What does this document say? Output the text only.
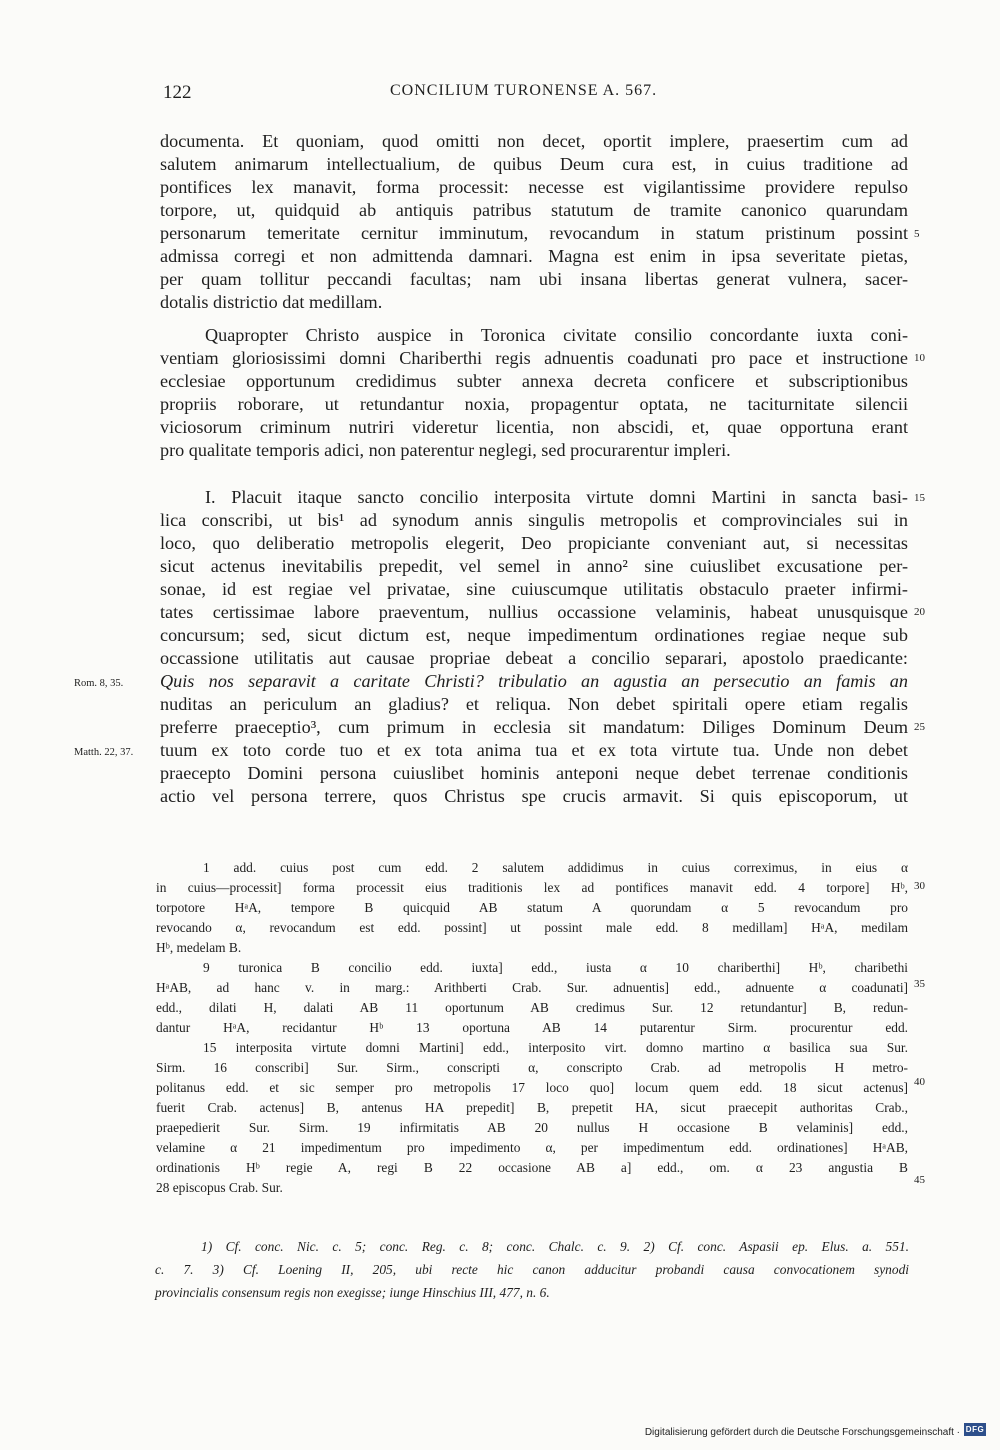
122	CONCILIUM TURONENSE A. 567.
documenta. Et quoniam, quod omitti non decet, oportit implere, praesertim cum ad
salutem animarum intellectualium, de quibus Deum cura est, in cuius traditione ad
pontifices lex manavit, forma processit: necesse est vigilantissime providere repulso
torpore, ut, quidquid ab antiquis patribus statutum de tramite canonico quarundam
personarum temeritate cernitur imminutum, revocandum in statum pristinum possint
admissa corregi et non admittenda damnari. Magna est enim in ipsa severitate pietas,
per quam tollitur peccandi facultas; nam ubi insana libertas generat vulnera, sacer-
dotalis districtio dat medillam.
Quapropter Christo auspice in Toronica civitate consilio concordante iuxta coni-
ventiam gloriosissimi domni Chariberthi regis adnuentis coadunati pro pace et instructione
ecclesiae opportunum credidimus subter annexa decreta conficere et subscriptionibus
propriis roborare, ut retundantur noxia, propagentur optata, ne taciturnitate silencii
viciosorum criminum nutriri videretur licentia, non abscidi, et, quae opportuna erant
pro qualitate temporis adici, non paterentur neglegi, sed procurarentur impleri.
I. Placuit itaque sancto concilio interposita virtute domni Martini in sancta basi-
lica conscribi, ut bis¹ ad synodum annis singulis metropolis et comprovinciales sui in
loco, quo deliberatio metropolis elegerit, Deo propiciante conveniant aut, si necessitas
sicut actenus inevitabilis prepedit, vel semel in anno² sine cuiuslibet excusatione per-
sonae, id est regiae vel privatae, sine cuiuscumque utilitatis obstaculo praeter infirmi-
tates certissimae labore praeventum, nullius occassione velaminis, habeat unusquisque
concursum; sed, sicut dictum est, neque impedimentum ordinationes regiae neque sub
occassione utilitatis aut causae propriae debeat a concilio separari, apostolo praedicante:
Quis nos separavit a caritate Christi? tribulatio an agustia an persecutio an famis an
nuditas an periculum an gladius? et reliqua. Non debet spiritali opere etiam regalis
preferre praeceptio³, cum primum in ecclesia sit mandatum: Diliges Dominum Deum
tuum ex toto corde tuo et ex tota anima tua et ex tota virtute tua. Unde non debet
praecepto Domini persona cuiuslibet hominis anteponi neque debet terrenae conditionis
actio vel persona terrere, quos Christus spe crucis armavit. Si quis episcoporum, ut
5
10
15
20
25
30
35
40
45
Rom. 8, 35.
Matth. 22, 37.
1 add. cuius post cum edd. 2 salutem addidimus in cuius correximus, in eius α
in cuius—processit] forma processit eius traditionis lex ad pontifices manavit edd. 4 torpore] Hᵇ,
torpotore HᵃA, tempore B quicquid AB statum A quorundam α 5 revocandum pro
revocando α, revocandum est edd. possint] ut possint male edd. 8 medillam] HᵃA, medilam
Hᵇ, medelam B.
9 turonica B concilio edd. iuxta] edd., iusta α 10 chariberthi] Hᵇ, charibethi
HᵃAB, ad hanc v. in marg.: Arithberti Crab. Sur. adnuentis] edd., adnuente α coadunati]
edd., dilati H, dalati AB 11 oportunum AB credimus Sur. 12 retundantur] B, redun-
dantur HᵃA, recidantur Hᵇ 13 oportuna AB 14 putarentur Sirm. procurentur edd.
15 interposita virtute domni Martini] edd., interposito virt. domno martino α basilica sua Sur.
Sirm. 16 conscribi] Sur. Sirm., conscripti α, conscripto Crab. ad metropolis H metro-
politanus edd. et sic semper pro metropolis 17 loco quo] locum quem edd. 18 sicut actenus]
fuerit Crab. actenus] B, antenus HA prepedit] B, prepetit HA, sicut praecepit authoritas Crab.,
praepedierit Sur. Sirm. 19 infirmitatis AB 20 nullus H occasione B velaminis] edd.,
velamine α 21 impedimentum pro impedimento α, per impedimentum edd. ordinationes] HᵃAB,
ordinationis Hᵇ regie A, regi B 22 occasione AB a] edd., om. α 23 angustia B
28 episcopus Crab. Sur.
1) Cf. conc. Nic. c. 5; conc. Reg. c. 8; conc. Chalc. c. 9. 2) Cf. conc. Aspasii ep. Elus. a. 551.
c. 7. 3) Cf. Loening II, 205, ubi recte hic canon adducitur probandi causa convocationem synodi
provincialis consensum regis non exegisse; iunge Hinschius III, 477, n. 6.
Digitalisierung gefördert durch die Deutsche Forschungsgemeinschaft · DFG
